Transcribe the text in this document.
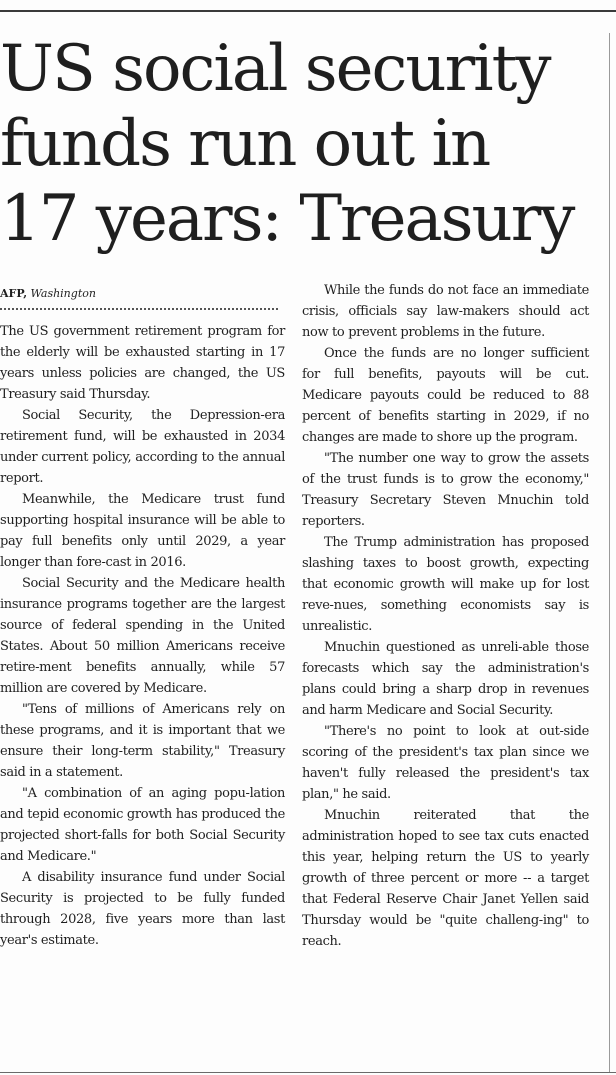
US social security
funds run out in
17 years: Treasury
AFP, Washington

The US government retirement program for the elderly will be exhausted starting in 17 years unless policies are changed, the US Treasury said Thursday.

Social Security, the Depression-era retirement fund, will be exhausted in 2034 under current policy, according to the annual report.

Meanwhile, the Medicare trust fund supporting hospital insurance will be able to pay full benefits only until 2029, a year longer than fore-cast in 2016.

Social Security and the Medicare health insurance programs together are the largest source of federal spending in the United States. About 50 million Americans receive retire-ment benefits annually, while 57 million are covered by Medicare.

"Tens of millions of Americans rely on these programs, and it is important that we ensure their long-term stability," Treasury said in a statement.

"A combination of an aging popu-lation and tepid economic growth has produced the projected short-falls for both Social Security and Medicare."

A disability insurance fund under Social Security is projected to be fully funded through 2028, five years more than last year's estimate.

While the funds do not face an immediate crisis, officials say law-makers should act now to prevent problems in the future.

Once the funds are no longer sufficient for full benefits, payouts will be cut. Medicare payouts could be reduced to 88 percent of benefits starting in 2029, if no changes are made to shore up the program.

"The number one way to grow the assets of the trust funds is to grow the economy," Treasury Secretary Steven Mnuchin told reporters.

The Trump administration has proposed slashing taxes to boost growth, expecting that economic growth will make up for lost reve-nues, something economists say is unrealistic.

Mnuchin questioned as unreli-able those forecasts which say the administration's plans could bring a sharp drop in revenues and harm Medicare and Social Security.

"There's no point to look at out-side scoring of the president's tax plan since we haven't fully released the president's tax plan," he said.

Mnuchin reiterated that the administration hoped to see tax cuts enacted this year, helping return the US to yearly growth of three percent or more -- a target that Federal Reserve Chair Janet Yellen said Thursday would be "quite challeng-ing" to reach.
